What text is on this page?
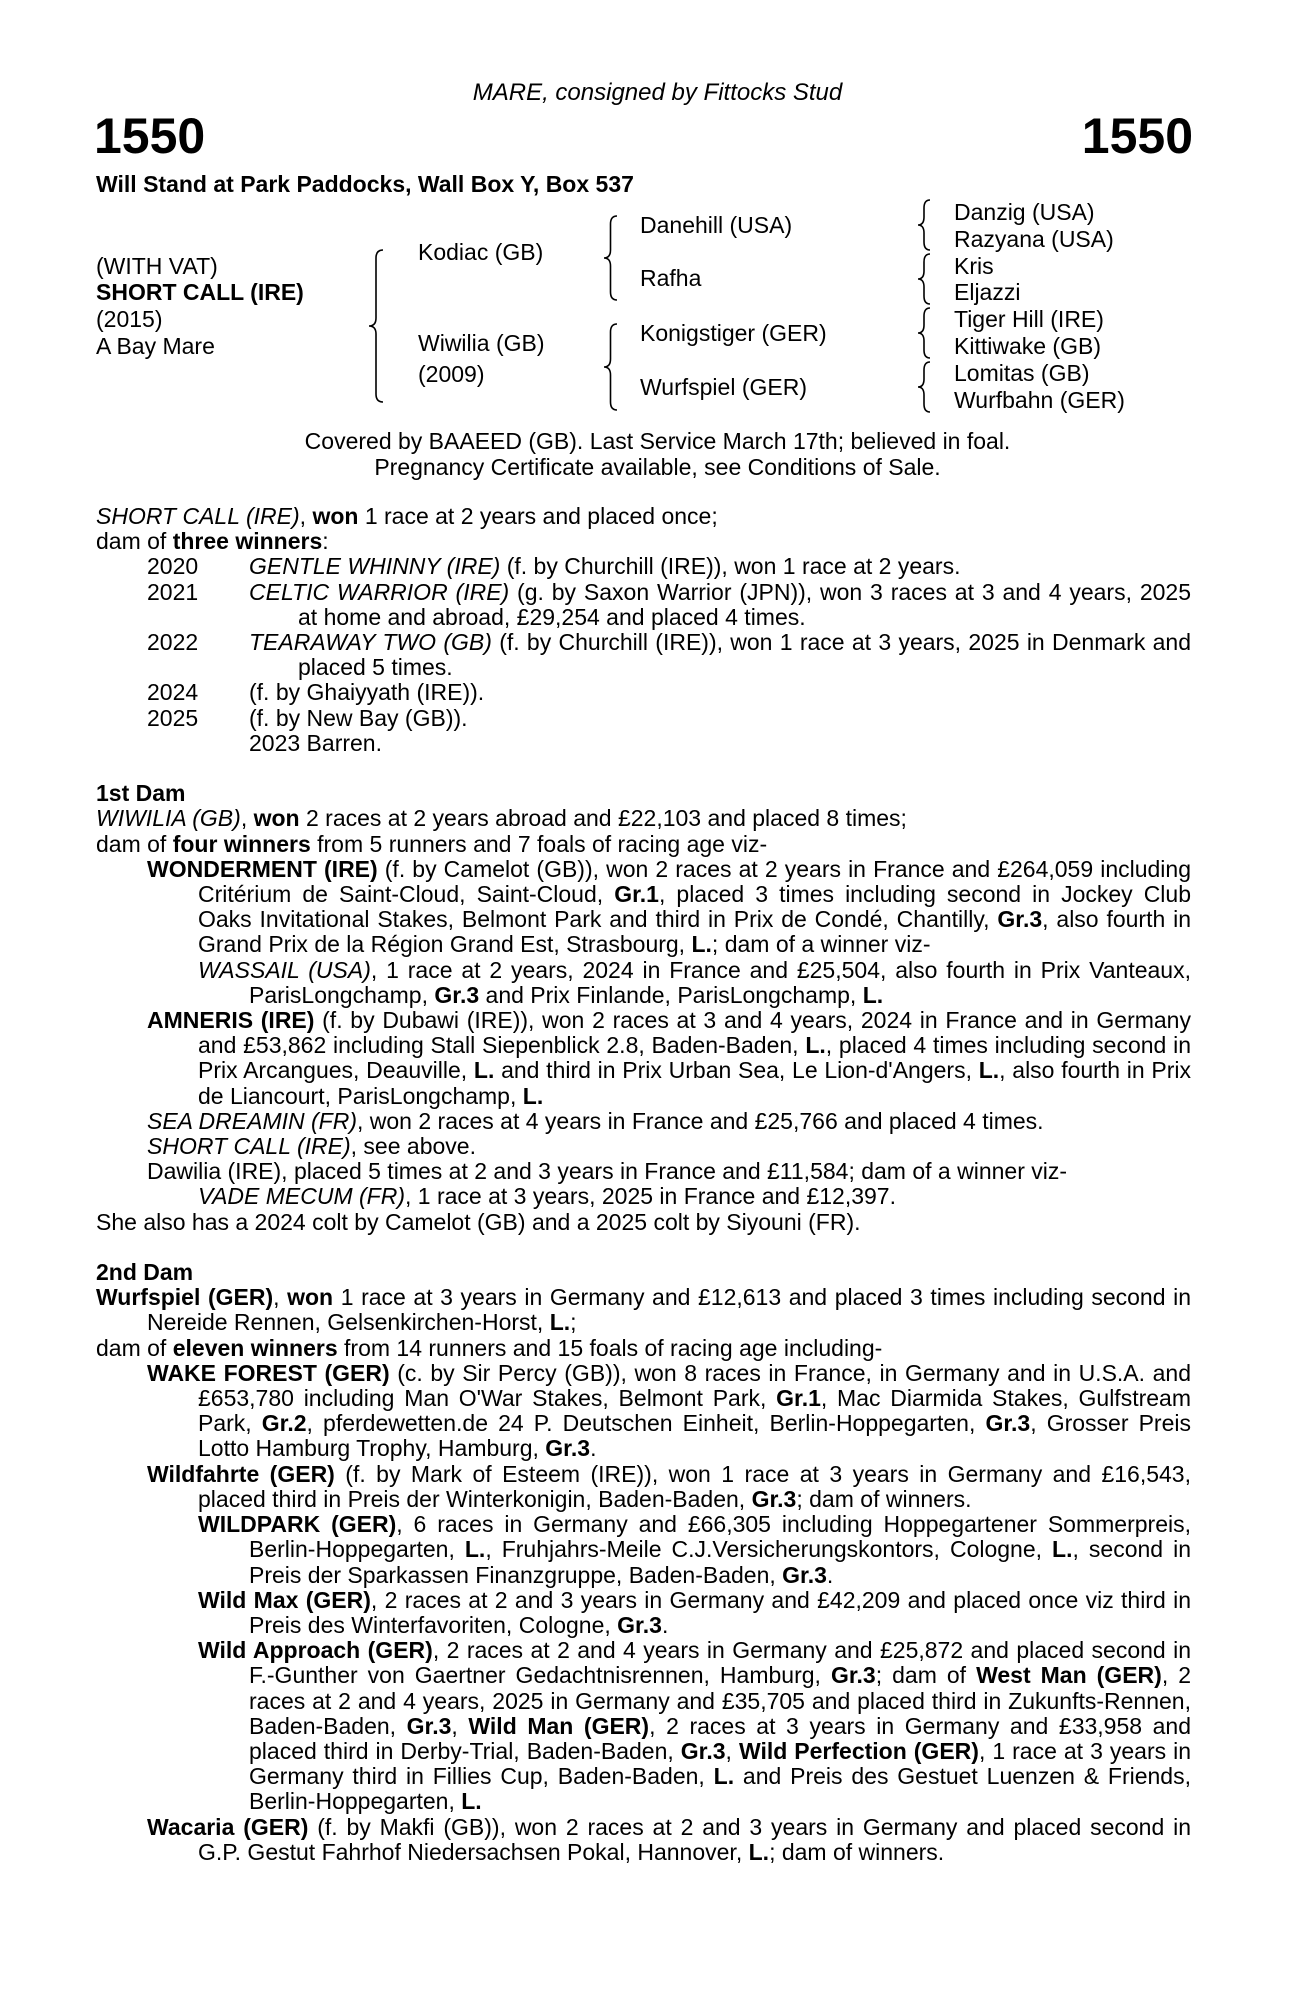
MARE, consigned by Fittocks Stud
1550	1550
Will Stand at Park Paddocks, Wall Box Y, Box 537
(WITH VAT)
SHORT CALL (IRE)
(2015)
A Bay Mare
Kodiac (GB)
Wiwilia (GB)
(2009)
Danehill (USA)
Rafha
Konigstiger (GER)
Wurfspiel (GER)
Danzig (USA)
Razyana (USA)
Kris
Eljazzi
Tiger Hill (IRE)
Kittiwake (GB)
Lomitas (GB)
Wurfbahn (GER)
Covered by BAAEED (GB). Last Service March 17th; believed in foal.
Pregnancy Certificate available, see Conditions of Sale.
SHORT CALL (IRE), won 1 race at 2 years and placed once;
dam of three winners:
2020 GENTLE WHINNY (IRE) (f. by Churchill (IRE)), won 1 race at 2 years.
2021 CELTIC WARRIOR (IRE) (g. by Saxon Warrior (JPN)), won 3 races at 3 and 4 years, 2025 at home and abroad, £29,254 and placed 4 times.
2022 TEARAWAY TWO (GB) (f. by Churchill (IRE)), won 1 race at 3 years, 2025 in Denmark and placed 5 times.
2024 (f. by Ghaiyyath (IRE)).
2025 (f. by New Bay (GB)).
2023 Barren.
1st Dam
WIWILIA (GB), won 2 races at 2 years abroad and £22,103 and placed 8 times;
dam of four winners from 5 runners and 7 foals of racing age viz-
WONDERMENT (IRE) (f. by Camelot (GB)), won 2 races at 2 years in France and £264,059 including Critérium de Saint-Cloud, Saint-Cloud, Gr.1, placed 3 times including second in Jockey Club Oaks Invitational Stakes, Belmont Park and third in Prix de Condé, Chantilly, Gr.3, also fourth in Grand Prix de la Région Grand Est, Strasbourg, L.; dam of a winner viz-
WASSAIL (USA), 1 race at 2 years, 2024 in France and £25,504, also fourth in Prix Vanteaux, ParisLongchamp, Gr.3 and Prix Finlande, ParisLongchamp, L.
AMNERIS (IRE) (f. by Dubawi (IRE)), won 2 races at 3 and 4 years, 2024 in France and in Germany and £53,862 including Stall Siepenblick 2.8, Baden-Baden, L., placed 4 times including second in Prix Arcangues, Deauville, L. and third in Prix Urban Sea, Le Lion-d'Angers, L., also fourth in Prix de Liancourt, ParisLongchamp, L.
SEA DREAMIN (FR), won 2 races at 4 years in France and £25,766 and placed 4 times.
SHORT CALL (IRE), see above.
Dawilia (IRE), placed 5 times at 2 and 3 years in France and £11,584; dam of a winner viz-
VADE MECUM (FR), 1 race at 3 years, 2025 in France and £12,397.
She also has a 2024 colt by Camelot (GB) and a 2025 colt by Siyouni (FR).
2nd Dam
Wurfspiel (GER), won 1 race at 3 years in Germany and £12,613 and placed 3 times including second in Nereide Rennen, Gelsenkirchen-Horst, L.;
dam of eleven winners from 14 runners and 15 foals of racing age including-
WAKE FOREST (GER) (c. by Sir Percy (GB)), won 8 races in France, in Germany and in U.S.A. and £653,780 including Man O'War Stakes, Belmont Park, Gr.1, Mac Diarmida Stakes, Gulfstream Park, Gr.2, pferdewetten.de 24 P. Deutschen Einheit, Berlin-Hoppegarten, Gr.3, Grosser Preis Lotto Hamburg Trophy, Hamburg, Gr.3.
Wildfahrte (GER) (f. by Mark of Esteem (IRE)), won 1 race at 3 years in Germany and £16,543, placed third in Preis der Winterkonigin, Baden-Baden, Gr.3; dam of winners.
WILDPARK (GER), 6 races in Germany and £66,305 including Hoppegartener Sommerpreis, Berlin-Hoppegarten, L., Fruhjahrs-Meile C.J.Versicherungskontors, Cologne, L., second in Preis der Sparkassen Finanzgruppe, Baden-Baden, Gr.3.
Wild Max (GER), 2 races at 2 and 3 years in Germany and £42,209 and placed once viz third in Preis des Winterfavoriten, Cologne, Gr.3.
Wild Approach (GER), 2 races at 2 and 4 years in Germany and £25,872 and placed second in F.-Gunther von Gaertner Gedachtnisrennen, Hamburg, Gr.3; dam of West Man (GER), 2 races at 2 and 4 years, 2025 in Germany and £35,705 and placed third in Zukunfts-Rennen, Baden-Baden, Gr.3, Wild Man (GER), 2 races at 3 years in Germany and £33,958 and placed third in Derby-Trial, Baden-Baden, Gr.3, Wild Perfection (GER), 1 race at 3 years in Germany third in Fillies Cup, Baden-Baden, L. and Preis des Gestuet Luenzen & Friends, Berlin-Hoppegarten, L.
Wacaria (GER) (f. by Makfi (GB)), won 2 races at 2 and 3 years in Germany and placed second in G.P. Gestut Fahrhof Niedersachsen Pokal, Hannover, L.; dam of winners.
